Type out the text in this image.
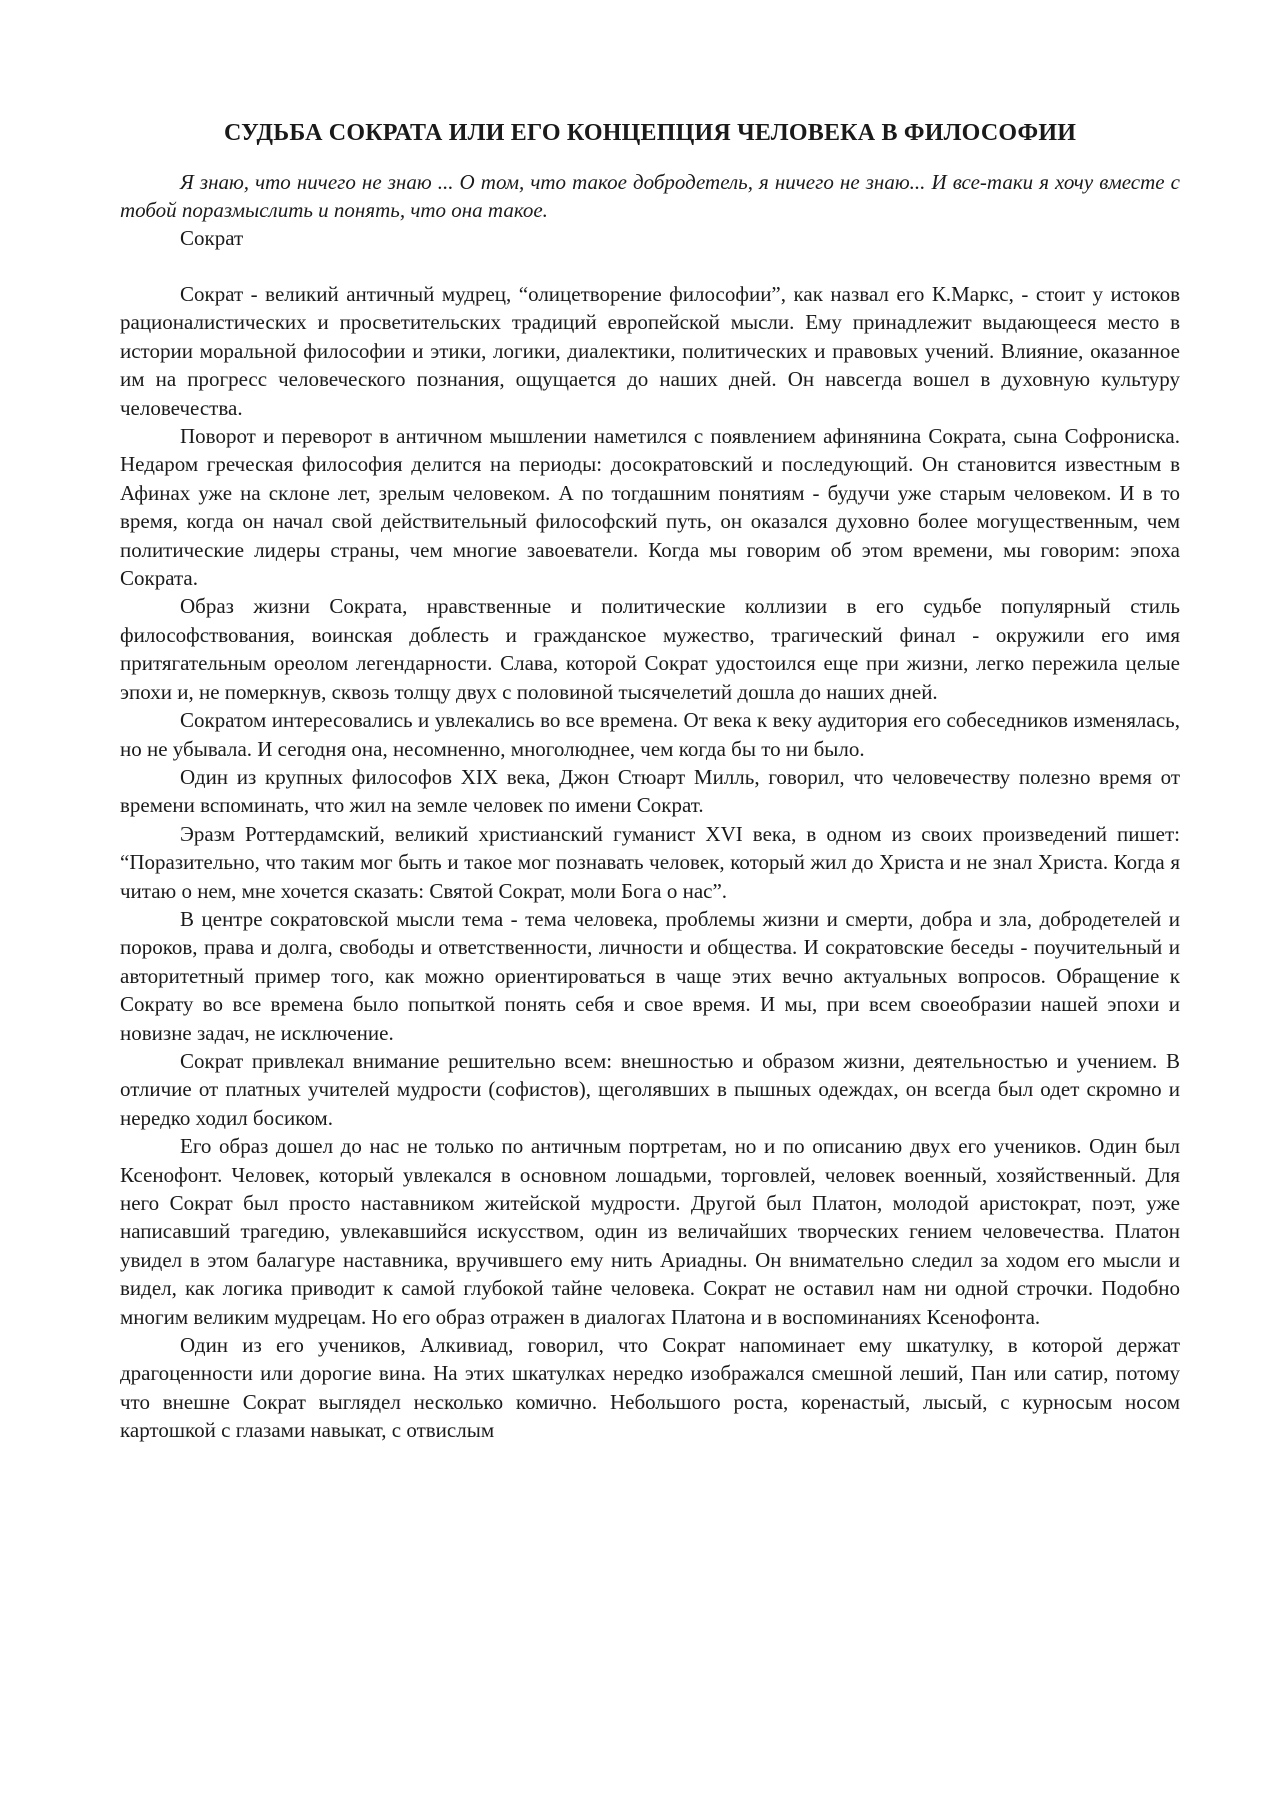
СУДЬБА СОКРАТА ИЛИ ЕГО КОНЦЕПЦИЯ ЧЕЛОВЕКА В ФИЛОСОФИИ

Я знаю, что ничего не знаю ... О том, что такое добродетель, я ничего не знаю... И все-таки я хочу вместе с тобой поразмыслить и понять, что она такое.

Сократ

Сократ - великий античный мудрец, “олицетворение философии”, как назвал его К.Маркс, - стоит у истоков рационалистических и просветительских традиций европейской мысли. Ему принадлежит выдающееся место в истории моральной философии и этики, логики, диалектики, политических и правовых учений. Влияние, оказанное им на прогресс человеческого познания, ощущается до наших дней. Он навсегда вошел в духовную культуру человечества.

Поворот и переворот в античном мышлении наметился с появлением афинянина Сократа, сына Софрониска. Недаром греческая философия делится на периоды: досократовский и последующий. Он становится известным в Афинах уже на склоне лет, зрелым человеком. А по тогдашним понятиям - будучи уже старым человеком. И в то время, когда он начал свой действительный философский путь, он оказался духовно более могущественным, чем политические лидеры страны, чем многие завоеватели. Когда мы говорим об этом времени, мы говорим: эпоха Сократа.

Образ жизни Сократа, нравственные и политические коллизии в его судьбе популярный стиль философствования, воинская доблесть и гражданское мужество, трагический финал - окружили его имя притягательным ореолом легендарности. Слава, которой Сократ удостоился еще при жизни, легко пережила целые эпохи и, не померкнув, сквозь толщу двух с половиной тысячелетий дошла до наших дней.

Сократом интересовались и увлекались во все времена. От века к веку аудитория его собеседников изменялась, но не убывала. И сегодня она, несомненно, многолюднее, чем когда бы то ни было.

Один из крупных философов XIX века, Джон Стюарт Милль, говорил, что человечеству полезно время от времени вспоминать, что жил на земле человек по имени Сократ.

Эразм Роттердамский, великий христианский гуманист XVI века, в одном из своих произведений пишет: “Поразительно, что таким мог быть и такое мог познавать человек, который жил до Христа и не знал Христа. Когда я читаю о нем, мне хочется сказать: Святой Сократ, моли Бога о нас”.

В центре сократовской мысли тема - тема человека, проблемы жизни и смерти, добра и зла, добродетелей и пороков, права и долга, свободы и ответственности, личности и общества. И сократовские беседы - поучительный и авторитетный пример того, как можно ориентироваться в чаще этих вечно актуальных вопросов. Обращение к Сократу во все времена было попыткой понять себя и свое время. И мы, при всем своеобразии нашей эпохи и новизне задач, не исключение.

Сократ привлекал внимание решительно всем: внешностью и образом жизни, деятельностью и учением. В отличие от платных учителей мудрости (софистов), щеголявших в пышных одеждах, он всегда был одет скромно и нередко ходил босиком.

Его образ дошел до нас не только по античным портретам, но и по описанию двух его учеников. Один был Ксенофонт. Человек, который увлекался в основном лошадьми, торговлей, человек военный, хозяйственный. Для него Сократ был просто наставником житейской мудрости. Другой был Платон, молодой аристократ, поэт, уже написавший трагедию, увлекавшийся искусством, один из величайших творческих гением человечества. Платон увидел в этом балагуре наставника, вручившего ему нить Ариадны. Он внимательно следил за ходом его мысли и видел, как логика приводит к самой глубокой тайне человека. Сократ не оставил нам ни одной строчки. Подобно многим великим мудрецам. Но его образ отражен в диалогах Платона и в воспоминаниях Ксенофонта.

Один из его учеников, Алкивиад, говорил, что Сократ напоминает ему шкатулку, в которой держат драгоценности или дорогие вина. На этих шкатулках нередко изображался смешной леший, Пан или сатир, потому что внешне Сократ выглядел несколько комично. Небольшого роста, коренастый, лысый, с курносым носом картошкой с глазами навыкат, с отвислым
